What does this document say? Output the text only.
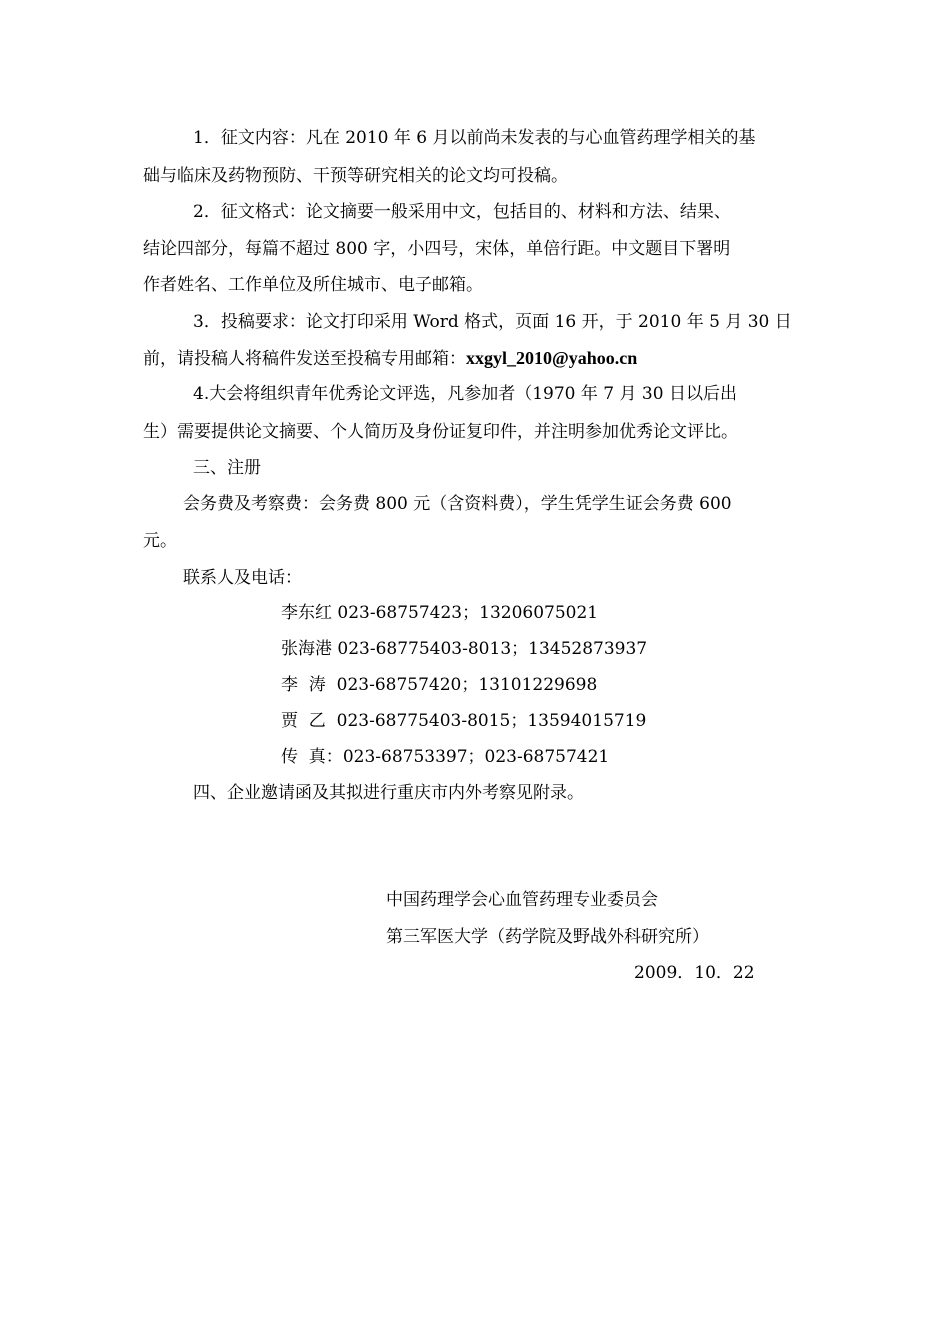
1．征文内容：凡在 2010 年 6 月以前尚未发表的与心血管药理学相关的基
础与临床及药物预防、干预等研究相关的论文均可投稿。
2．征文格式：论文摘要一般采用中文，包括目的、材料和方法、结果、
结论四部分，每篇不超过 800 字，小四号，宋体，单倍行距。中文题目下署明
作者姓名、工作单位及所住城市、电子邮箱。
3．投稿要求：论文打印采用 Word 格式，页面 16 开，于 2010 年 5 月 30 日
前，请投稿人将稿件发送至投稿专用邮箱：xxgyl_2010@yahoo.cn
4.大会将组织青年优秀论文评选，凡参加者（1970 年 7 月 30 日以后出
生）需要提供论文摘要、个人简历及身份证复印件，并注明参加优秀论文评比。
三、注册
会务费及考察费：会务费 800 元（含资料费），学生凭学生证会务费 600
元。
联系人及电话：
李东红 023-68757423；13206075021
张海港 023-68775403-8013；13452873937
李  涛 023-68757420；13101229698
贾  乙 023-68775403-8015；13594015719
传  真：023-68753397；023-68757421
四、企业邀请函及其拟进行重庆市内外考察见附录。
中国药理学会心血管药理专业委员会
第三军医大学（药学院及野战外科研究所）
2009．10．22
